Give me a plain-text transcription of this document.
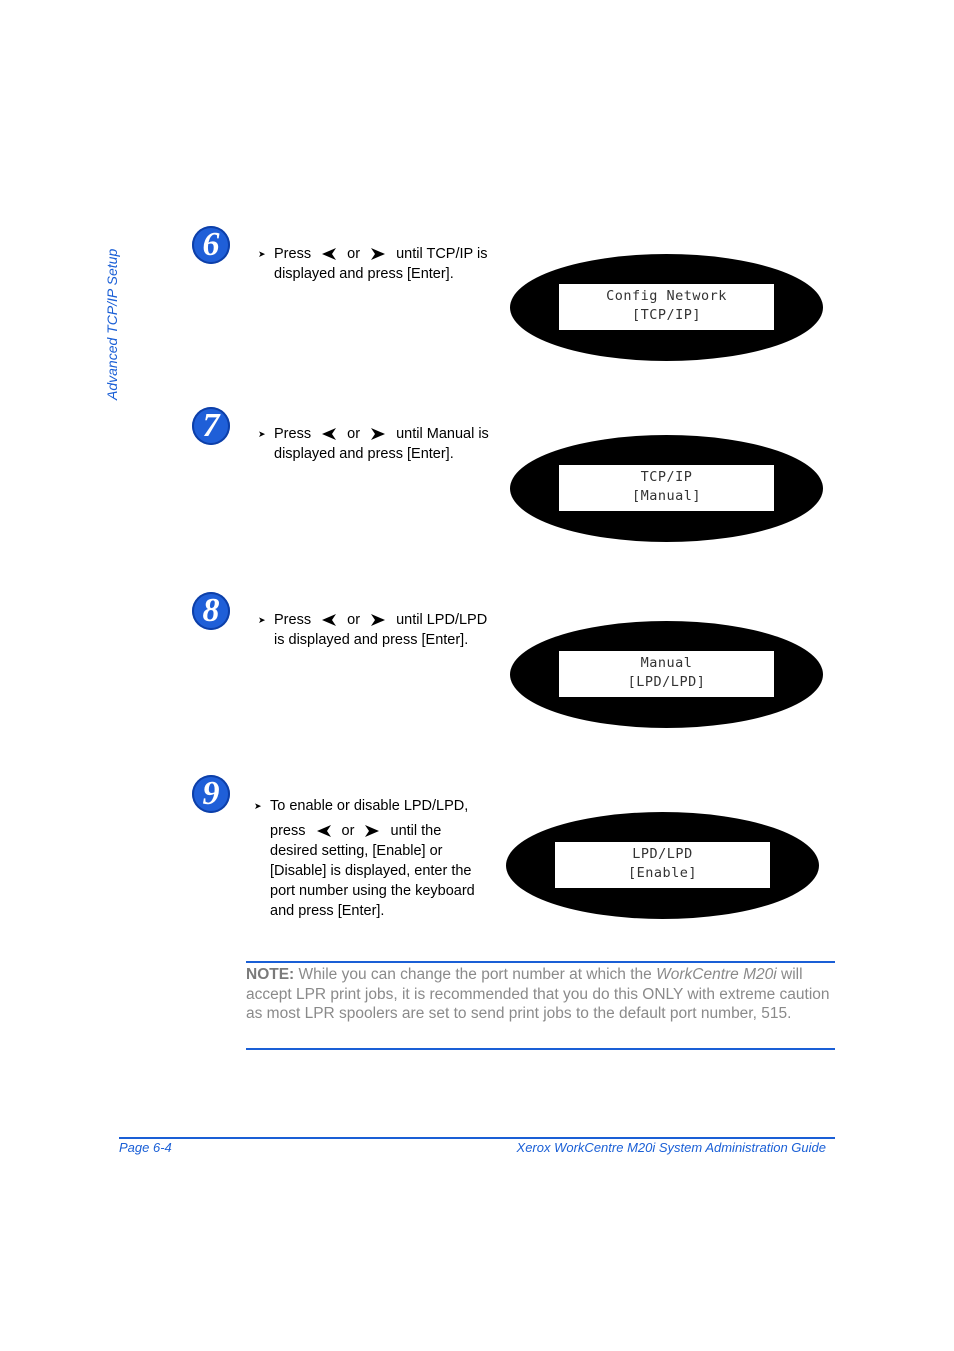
Advanced TCP/IP Setup
6	➤ Press or until TCP/IP is
displayed and press [Enter].
Config Network
[TCP/IP]
7	➤ Press or until Manual is
displayed and press [Enter].
TCP/IP
[Manual]
8	➤ Press or until LPD/LPD
is displayed and press [Enter].
Manual
[LPD/LPD]
9	➤ To enable or disable LPD/LPD,
press or until the
desired setting, [Enable] or
[Disable] is displayed, enter the
port number using the keyboard
and press [Enter].
LPD/LPD
[Enable]
NOTE: While you can change the port number at which the WorkCentre M20i will accept LPR print jobs, it is recommended that you do this ONLY with extreme caution as most LPR spoolers are set to send print jobs to the default port number, 515.
Page 6-4	Xerox WorkCentre M20i System Administration Guide
